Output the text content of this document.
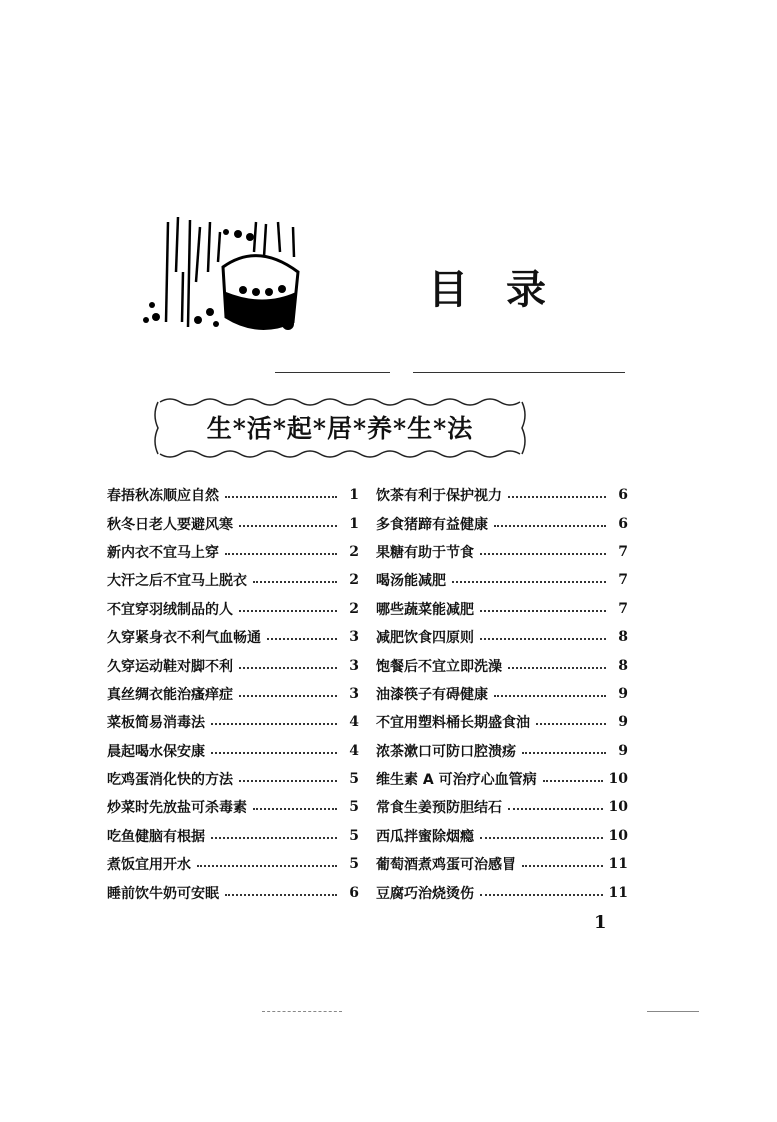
目录
生*活*起*居*养*生*法
春捂秋冻顺应自然	1
秋冬日老人要避风寒	1
新内衣不宜马上穿	2
大汗之后不宜马上脱衣	2
不宜穿羽绒制品的人	2
久穿紧身衣不利气血畅通	3
久穿运动鞋对脚不利	3
真丝绸衣能治瘙痒症	3
菜板简易消毒法	4
晨起喝水保安康	4
吃鸡蛋消化快的方法	5
炒菜时先放盐可杀毒素	5
吃鱼健脑有根据	5
煮饭宜用开水	5
睡前饮牛奶可安眠	6
饮茶有利于保护视力	6
多食猪蹄有益健康	6
果糖有助于节食	7
喝汤能减肥	7
哪些蔬菜能减肥	7
减肥饮食四原则	8
饱餐后不宜立即洗澡	8
油漆筷子有碍健康	9
不宜用塑料桶长期盛食油	9
浓茶漱口可防口腔溃疡	9
维生素 A 可治疗心血管病	10
常食生姜预防胆结石	10
西瓜拌蜜除烟瘾	10
葡萄酒煮鸡蛋可治感冒	11
豆腐巧治烧烫伤	11
1
